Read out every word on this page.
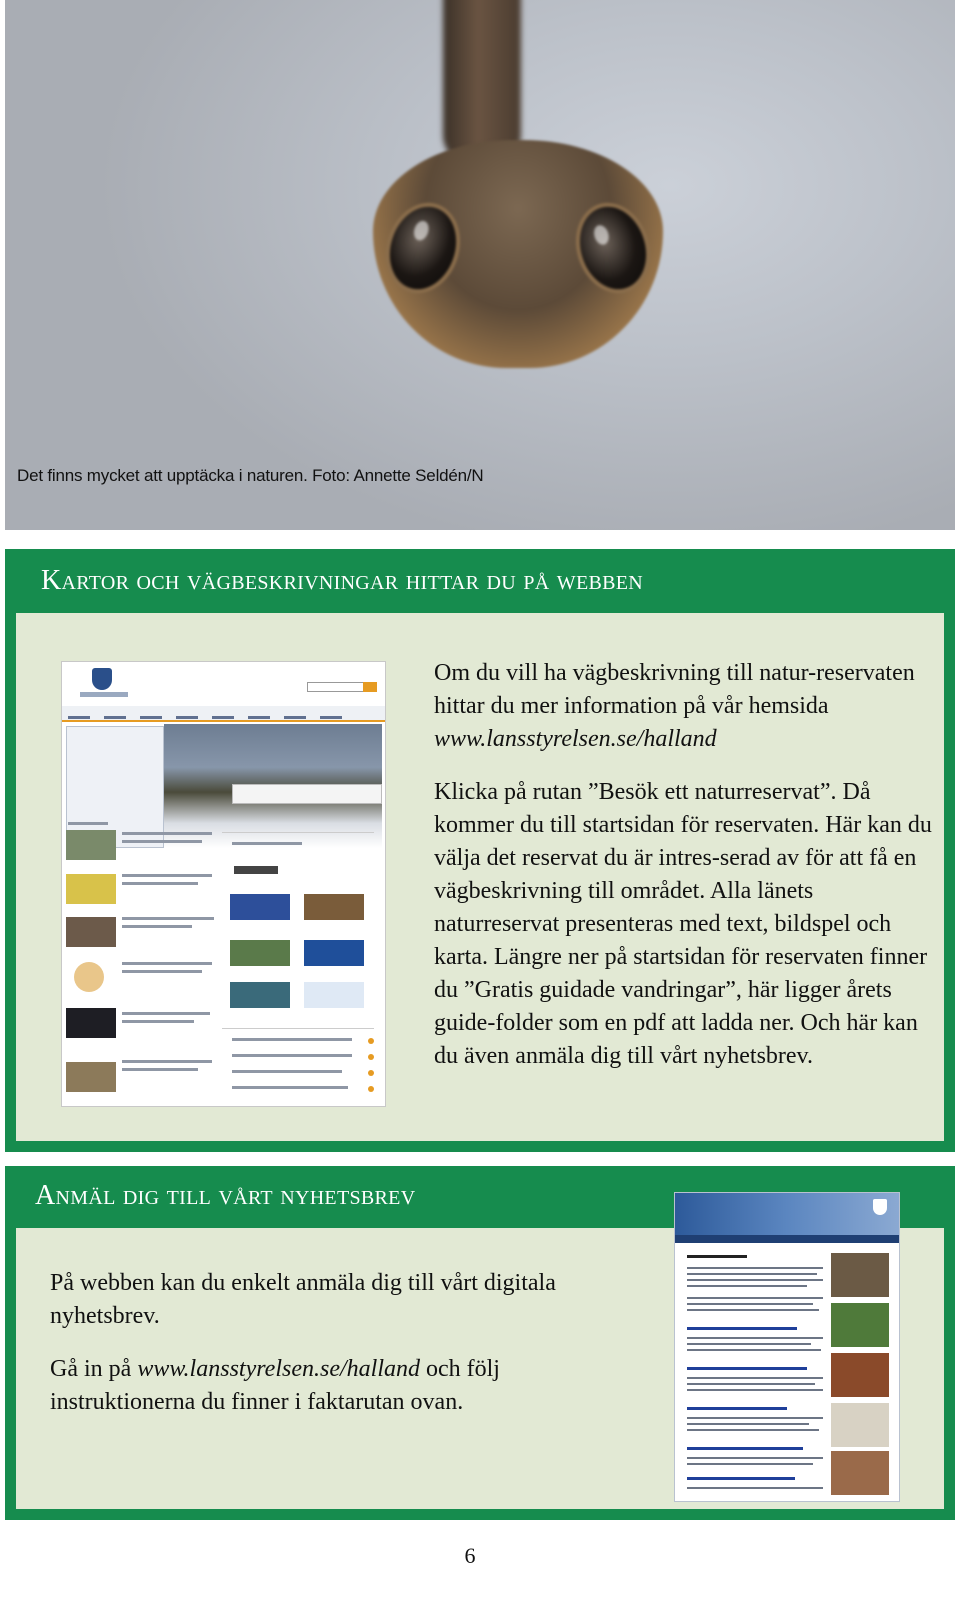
Det finns mycket att upptäcka i naturen. Foto: Annette Seldén/N
Kartor och vägbeskrivningar hittar du på webben

Om du vill ha vägbeskrivning till natur-reservaten hittar du mer information på vår hemsida www.lansstyrelsen.se/halland

Klicka på rutan ”Besök ett naturreservat”. Då kommer du till startsidan för reservaten. Här kan du välja det reservat du är intres-serad av för att få en vägbeskrivning till området. Alla länets naturreservat presenteras med text, bildspel och karta. Längre ner på startsidan för reservaten finner du ”Gratis guidade vandringar”, här ligger årets guide-folder som en pdf att ladda ner. Och här kan du även anmäla dig till vårt nyhetsbrev.

Anmäl dig till vårt nyhetsbrev

På webben kan du enkelt anmäla dig till vårt digitala nyhetsbrev.

Gå in på www.lansstyrelsen.se/halland och följ instruktionerna du finner i faktarutan ovan.

6
